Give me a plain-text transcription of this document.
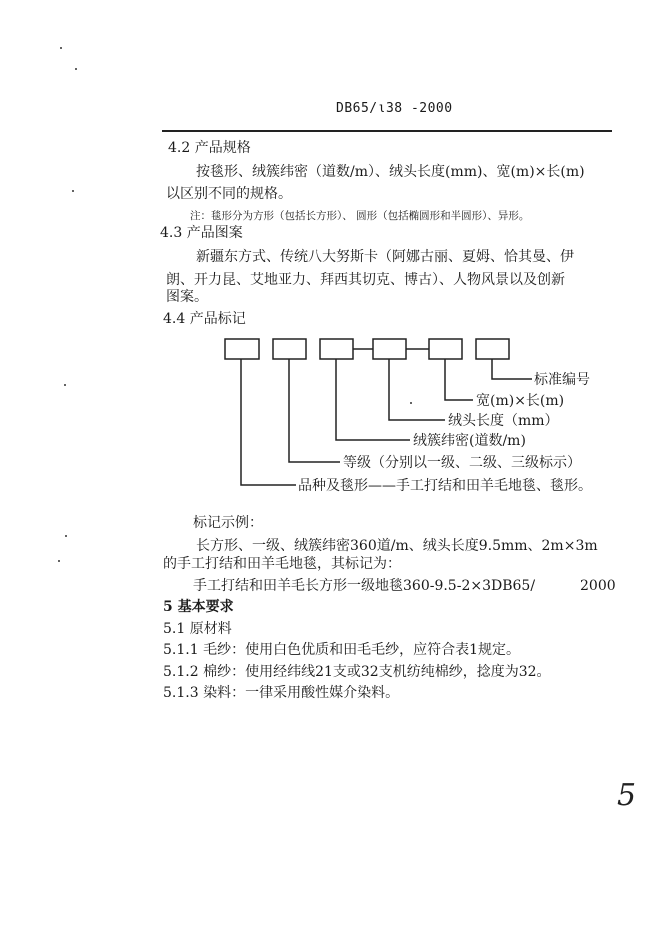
DB65/ι38 -2000
4.2 产品规格
按毯形、绒簇纬密（道数/m）、绒头长度(mm)、宽(m)×长(m)
以区别不同的规格。
注：毯形分为方形（包括长方形）、 圆形（包括椭圆形和半圆形）、异形。
4.3 产品图案
新疆东方式、传统八大努斯卡（阿娜古丽、夏姆、恰其曼、伊
朗、开力昆、艾地亚力、拜西其切克、博古）、人物风景以及创新
图案。
4.4 产品标记
标准编号
宽(m)×长(m)
绒头长度（mm）
绒簇纬密(道数/m)
等级（分别以一级、二级、三级标示）
品种及毯形——手工打结和田羊毛地毯、毯形。
标记示例：
长方形、一级、绒簇纬密360道/m、绒头长度9.5mm、2m×3m
的手工打结和田羊毛地毯，其标记为：
手工打结和田羊毛长方形一级地毯360-9.5-2×3DB65/	2000
5 基本要求
5.1 原材料
5.1.1 毛纱：使用白色优质和田毛毛纱，应符合表1规定。
5.1.2 棉纱：使用经纬线21支或32支机纺纯棉纱，捻度为32。
5.1.3 染料：一律采用酸性媒介染料。
5
